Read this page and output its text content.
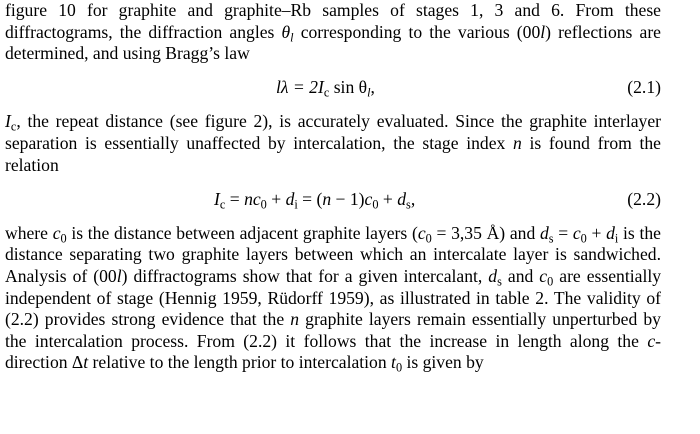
figure 10 for graphite and graphite–Rb samples of stages 1, 3 and 6. From these diffractograms, the diffraction angles $\theta_l$ corresponding to the various (00l) reflections are determined, and using Bragg’s law

$l\lambda = 2I_c$ $\sin \theta_l$,	(2.1)

$I_c$, the repeat distance (see figure 2), is accurately evaluated. Since the graphite interlayer separation is essentially unaffected by intercalation, the stage index n is found from the relation

$I_c = nc_0 + d_i = (n - 1)c_0 + d_s$,	(2.2)

where $c_0$ is the distance between adjacent graphite layers ($c_0 = 3,35$ Å) and $d_s = c_0 + d_i$ is the distance separating two graphite layers between which an intercalate layer is sandwiched. Analysis of (00l) diffractograms show that for a given intercalant, $d_s$ and $c_0$ are essentially independent of stage (Hennig 1959, Rüdorff 1959), as illustrated in table 2. The validity of (2.2) provides strong evidence that the n graphite layers remain essentially unperturbed by the intercalation process. From (2.2) it follows that the increase in length along the c-direction Δt relative to the length prior to intercalation $t_0$ is given by
